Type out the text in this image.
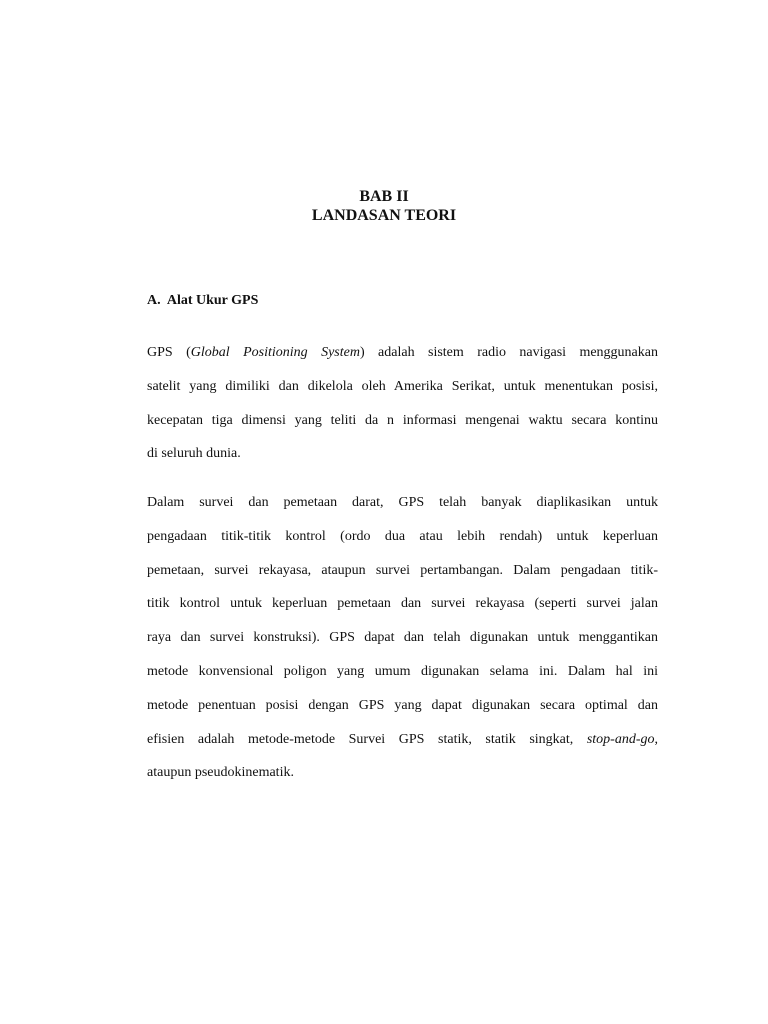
BAB II
LANDASAN TEORI
A.  Alat Ukur GPS
GPS (Global Positioning System) adalah sistem radio navigasi menggunakan
satelit yang dimiliki dan dikelola oleh Amerika Serikat, untuk menentukan posisi,
kecepatan tiga dimensi yang teliti da n informasi mengenai waktu secara kontinu
di seluruh dunia.
Dalam survei dan pemetaan darat, GPS telah banyak diaplikasikan untuk
pengadaan titik-titik kontrol (ordo dua atau lebih rendah) untuk keperluan
pemetaan, survei rekayasa, ataupun survei pertambangan. Dalam pengadaan titik-
titik kontrol untuk keperluan pemetaan dan survei rekayasa (seperti survei jalan
raya dan survei konstruksi). GPS dapat dan telah digunakan untuk menggantikan
metode konvensional poligon yang umum digunakan selama ini. Dalam hal ini
metode penentuan posisi dengan GPS yang dapat digunakan secara optimal dan
efisien adalah metode-metode Survei GPS statik, statik singkat, stop-and-go,
ataupun pseudokinematik.
